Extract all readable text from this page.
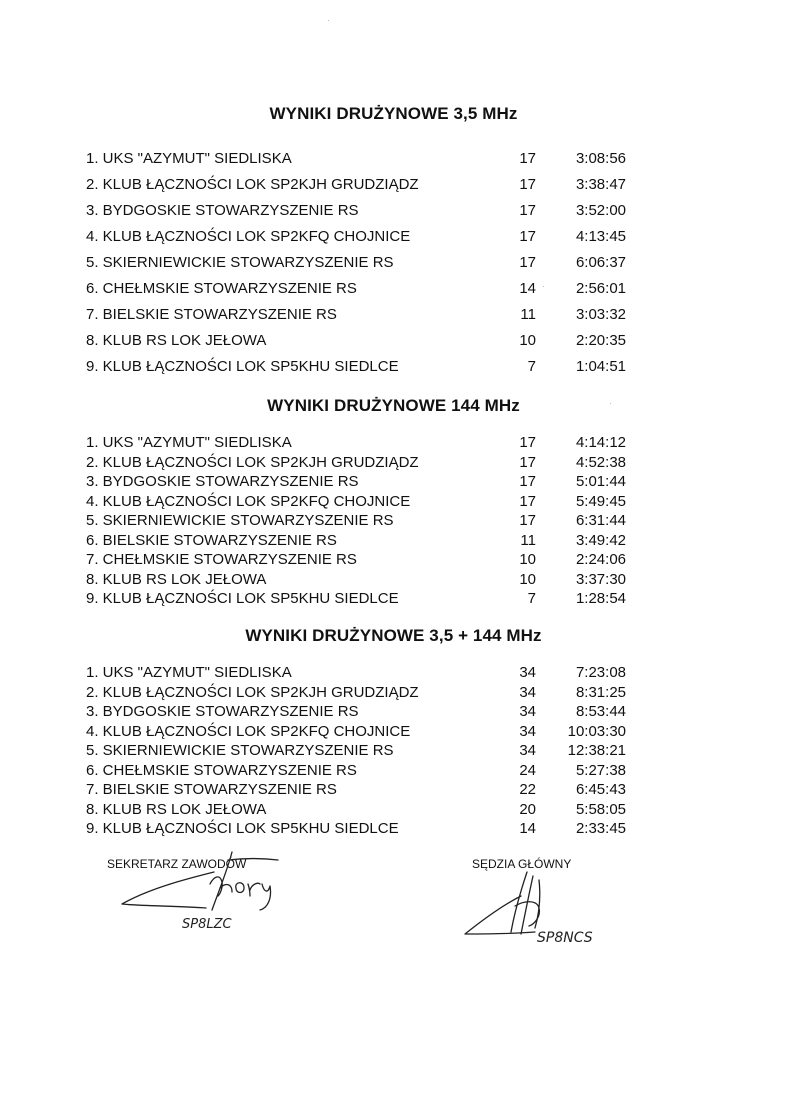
WYNIKI DRUŻYNOWE 3,5 MHz
1. UKS "AZYMUT" SIEDLISKA	17	3:08:56
2. KLUB ŁĄCZNOŚCI LOK SP2KJH GRUDZIĄDZ	17	3:38:47
3. BYDGOSKIE STOWARZYSZENIE RS	17	3:52:00
4. KLUB ŁĄCZNOŚCI LOK SP2KFQ CHOJNICE	17	4:13:45
5. SKIERNIEWICKIE STOWARZYSZENIE RS	17	6:06:37
6. CHEŁMSKIE STOWARZYSZENIE RS	14	2:56:01
7. BIELSKIE STOWARZYSZENIE RS	11	3:03:32
8. KLUB RS LOK JEŁOWA	10	2:20:35
9. KLUB ŁĄCZNOŚCI LOK SP5KHU SIEDLCE	7	1:04:51
WYNIKI DRUŻYNOWE 144 MHz
1. UKS "AZYMUT" SIEDLISKA	17	4:14:12
2. KLUB ŁĄCZNOŚCI LOK SP2KJH GRUDZIĄDZ	17	4:52:38
3. BYDGOSKIE STOWARZYSZENIE RS	17	5:01:44
4. KLUB ŁĄCZNOŚCI LOK SP2KFQ CHOJNICE	17	5:49:45
5. SKIERNIEWICKIE STOWARZYSZENIE RS	17	6:31:44
6. BIELSKIE STOWARZYSZENIE RS	11	3:49:42
7. CHEŁMSKIE STOWARZYSZENIE RS	10	2:24:06
8. KLUB RS LOK JEŁOWA	10	3:37:30
9. KLUB ŁĄCZNOŚCI LOK SP5KHU SIEDLCE	7	1:28:54
WYNIKI DRUŻYNOWE 3,5 + 144 MHz
1. UKS "AZYMUT" SIEDLISKA	34	7:23:08
2. KLUB ŁĄCZNOŚCI LOK SP2KJH GRUDZIĄDZ	34	8:31:25
3. BYDGOSKIE STOWARZYSZENIE RS	34	8:53:44
4. KLUB ŁĄCZNOŚCI LOK SP2KFQ CHOJNICE	34	10:03:30
5. SKIERNIEWICKIE STOWARZYSZENIE RS	34	12:38:21
6. CHEŁMSKIE STOWARZYSZENIE RS	24	5:27:38
7. BIELSKIE STOWARZYSZENIE RS	22	6:45:43
8. KLUB RS LOK JEŁOWA	20	5:58:05
9. KLUB ŁĄCZNOŚCI LOK SP5KHU SIEDLCE	14	2:33:45
SEKRETARZ ZAWODÓW	SĘDZIA GŁÓWNY
SP8LZC
SP8NCS
